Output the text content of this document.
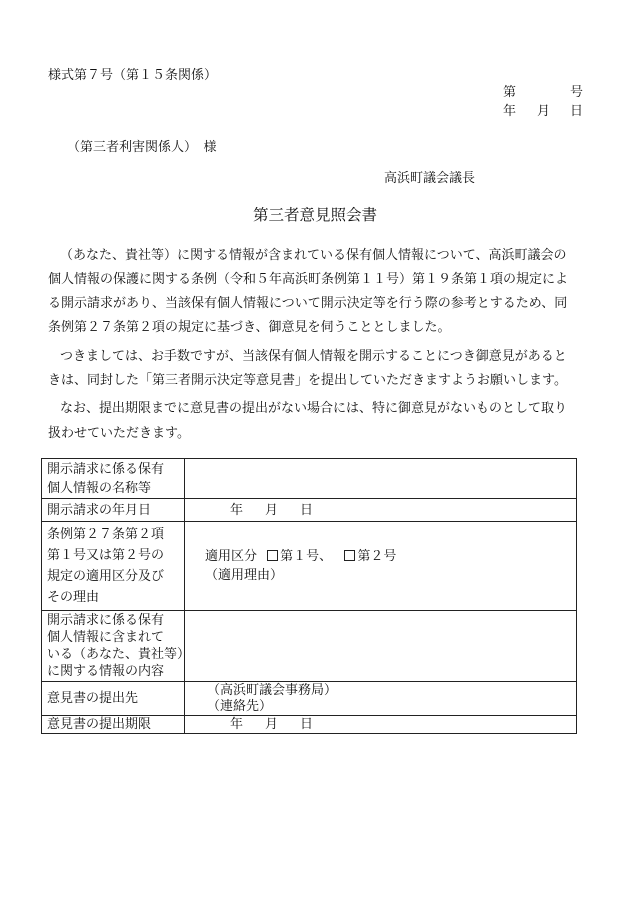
様式第７号（第１５条関係）
第	号
年 月 日
（第三者利害関係人）　様
高浜町議会議長
第三者意見照会書
（あなた、貴社等）に関する情報が含まれている保有個人情報について、高浜町議会の
個人情報の保護に関する条例（令和５年高浜町条例第１１号）第１９条第１項の規定によ
る開示請求があり、当該保有個人情報について開示決定等を行う際の参考とするため、同
条例第２７条第２項の規定に基づき、御意見を伺うこととしました。
つきましては、お手数ですが、当該保有個人情報を開示することにつき御意見があると
きは、同封した「第三者開示決定等意見書」を提出していただきますようお願いします。
なお、提出期限までに意見書の提出がない場合には、特に御意見がないものとして取り
扱わせていただきます。
開示請求に係る保有
個人情報の名称等	

開示請求の年月日	年 月 日

条例第２７条第２項
第１号又は第２号の
規定の適用区分及び
その理由	適用区分 第１号、 第２号
（適用理由）

開示請求に係る保有
個人情報に含まれて
いる（あなた、貴社等）
に関する情報の内容	

意見書の提出先	（高浜町議会事務局）
（連絡先）

意見書の提出期限	年 月 日
